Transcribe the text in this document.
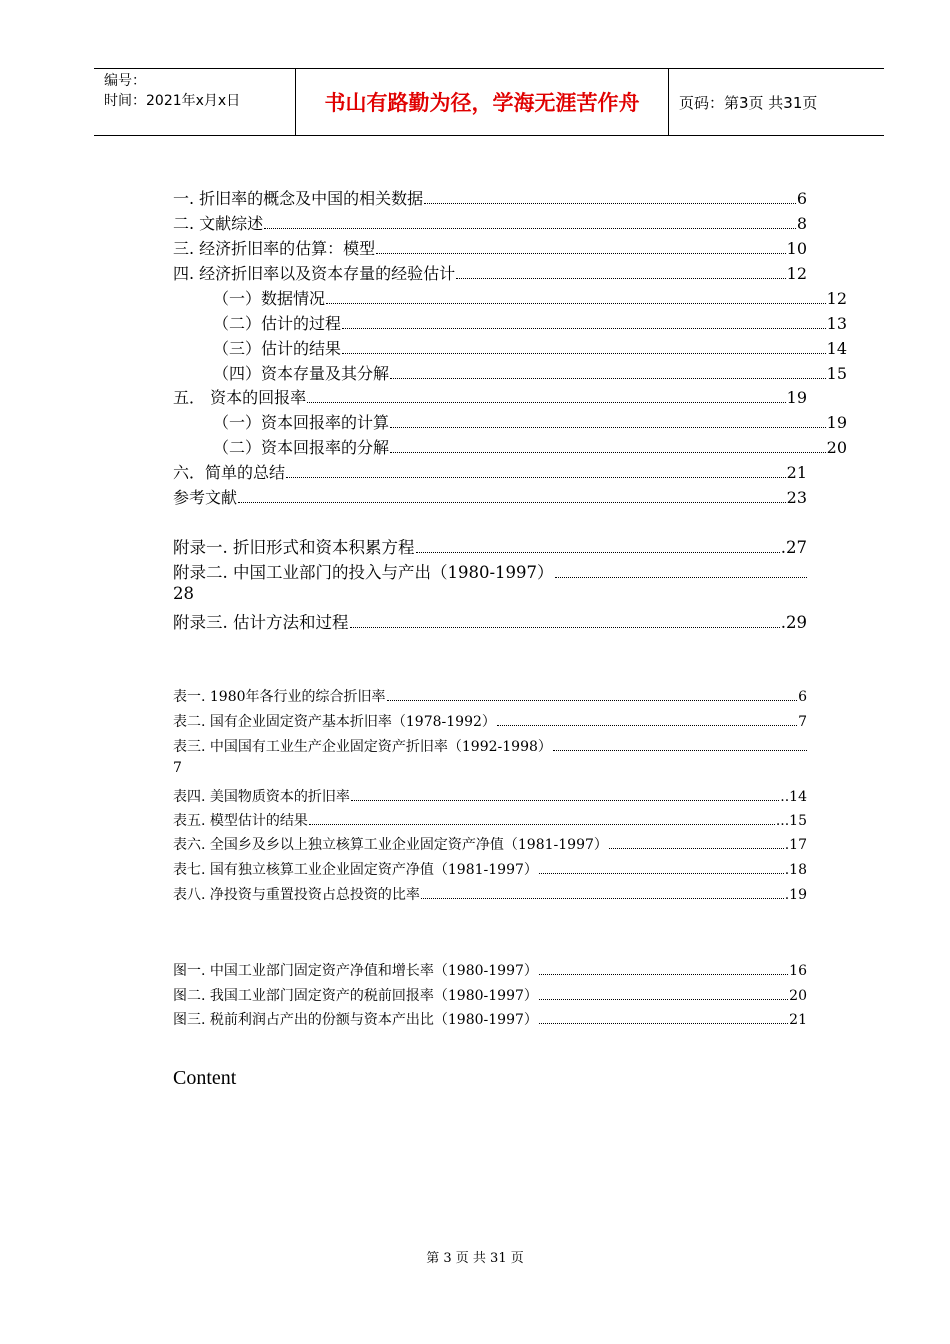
编号：
时间：2021年x月x日	书山有路勤为径，学海无涯苦作舟	页码：第3页 共31页
一. 折旧率的概念及中国的相关数据	6
二. 文献综述	8
三. 经济折旧率的估算：模型	10
四. 经济折旧率以及资本存量的经验估计	12
（一）数据情况	12
（二）估计的过程	13
（三）估计的结果	14
（四）资本存量及其分解	15
五． 资本的回报率	19
（一）资本回报率的计算	19
（二）资本回报率的分解	20
六．简单的总结	21
参考文献	23
附录一. 折旧形式和资本积累方程	.27
附录二. 中国工业部门的投入与产出（1980-1997）
28
附录三. 估计方法和过程	.29
表一. 1980年各行业的综合折旧率	6
表二. 国有企业固定资产基本折旧率（1978-1992）	7
表三. 中国国有工业生产企业固定资产折旧率（1992-1998）
7
表四. 美国物质资本的折旧率	..14
表五. 模型估计的结果	...15
表六. 全国乡及乡以上独立核算工业企业固定资产净值（1981-1997）	.17
表七. 国有独立核算工业企业固定资产净值（1981-1997）	.18
表八. 净投资与重置投资占总投资的比率	.19
图一. 中国工业部门固定资产净值和增长率（1980-1997）	16
图二. 我国工业部门固定资产的税前回报率（1980-1997）	20
图三. 税前利润占产出的份额与资本产出比（1980-1997）	21
Content
第 3 页 共 31 页
